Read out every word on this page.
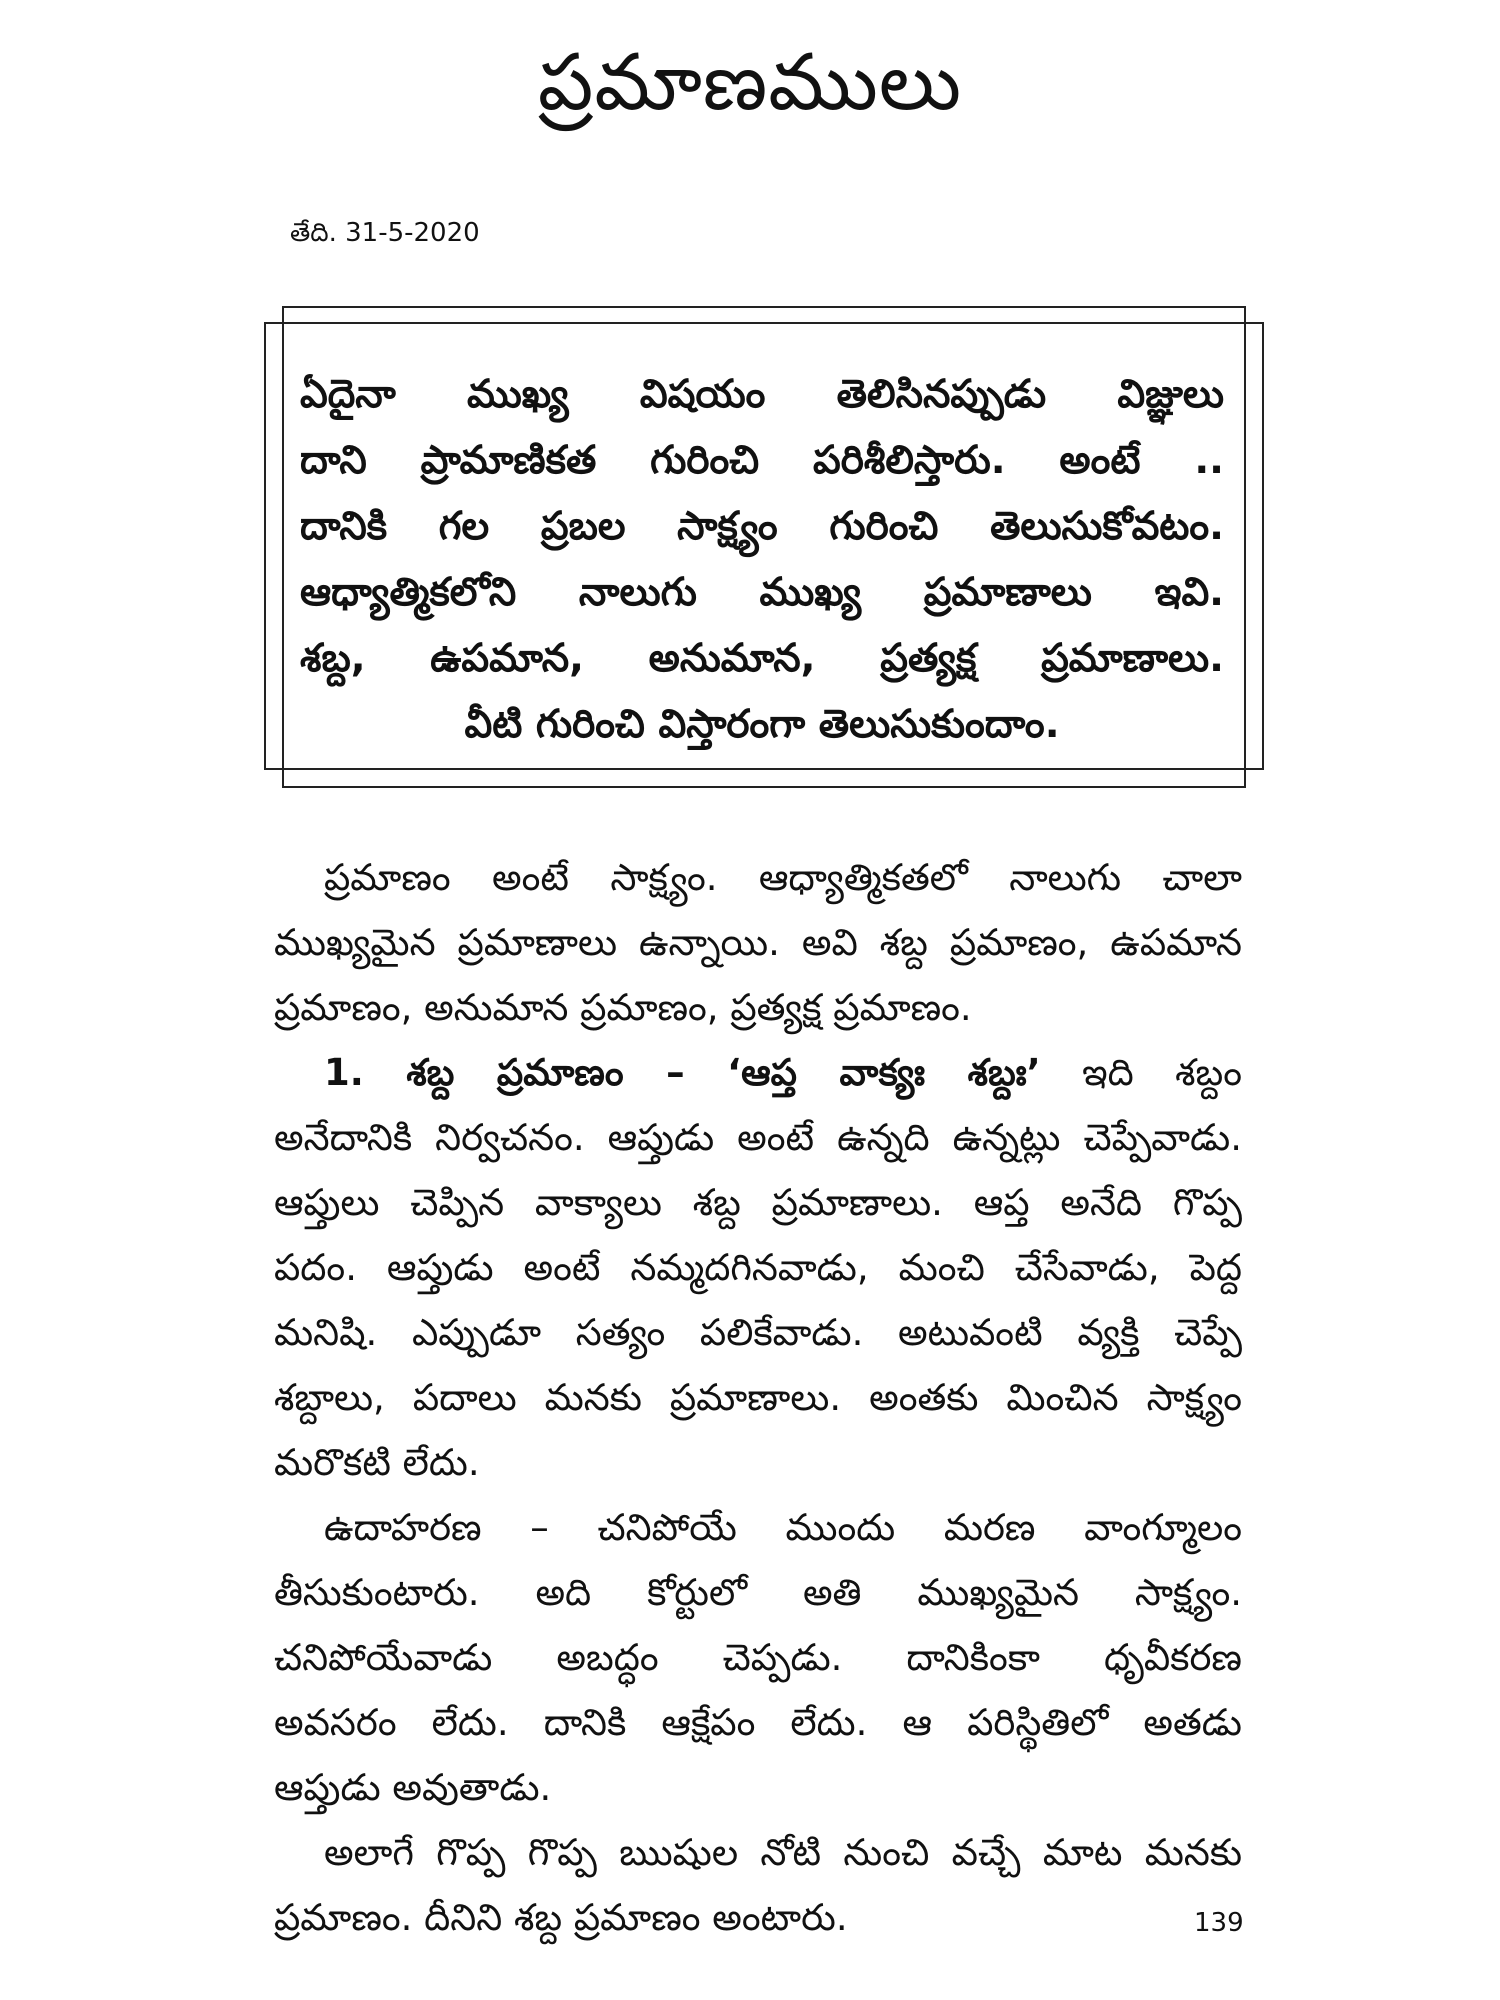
ప్రమాణములు
తేది. 31-5-2020
ఏదైనా ముఖ్య విషయం తెలిసినప్పుడు విజ్ఞులు
దాని ప్రామాణికత గురించి పరిశీలిస్తారు. అంటే ..
దానికి గల ప్రబల సాక్ష్యం గురించి తెలుసుకోవటం.
ఆధ్యాత్మికలోని నాలుగు ముఖ్య ప్రమాణాలు ఇవి.
శబ్ద, ఉపమాన, అనుమాన, ప్రత్యక్ష ప్రమాణాలు.
వీటి గురించి విస్తారంగా తెలుసుకుందాం.
ప్రమాణం అంటే సాక్ష్యం. ఆధ్యాత్మికతలో నాలుగు చాలా
ముఖ్యమైన ప్రమాణాలు ఉన్నాయి. అవి శబ్ద ప్రమాణం, ఉపమాన
ప్రమాణం, అనుమాన ప్రమాణం, ప్రత్యక్ష ప్రమాణం.
1. శబ్ద ప్రమాణం – ‘ఆప్త వాక్యః శబ్దః’ ఇది శబ్దం
అనేదానికి నిర్వచనం. ఆప్తుడు అంటే ఉన్నది ఉన్నట్లు చెప్పేవాడు.
ఆప్తులు చెప్పిన వాక్యాలు శబ్ద ప్రమాణాలు. ఆప్త అనేది గొప్ప
పదం. ఆప్తుడు అంటే నమ్మదగినవాడు, మంచి చేసేవాడు, పెద్ద
మనిషి. ఎప్పుడూ సత్యం పలికేవాడు. అటువంటి వ్యక్తి చెప్పే
శబ్దాలు, పదాలు మనకు ప్రమాణాలు. అంతకు మించిన సాక్ష్యం
మరొకటి లేదు.
ఉదాహరణ – చనిపోయే ముందు మరణ వాంగ్మూలం
తీసుకుంటారు. అది కోర్టులో అతి ముఖ్యమైన సాక్ష్యం.
చనిపోయేవాడు అబద్ధం చెప్పడు. దానికింకా ధృవీకరణ
అవసరం లేదు. దానికి ఆక్షేపం లేదు. ఆ పరిస్థితిలో అతడు
ఆప్తుడు అవుతాడు.
అలాగే గొప్ప గొప్ప ఋషుల నోటి నుంచి వచ్చే మాట మనకు
ప్రమాణం. దీనిని శబ్ద ప్రమాణం అంటారు.	139
